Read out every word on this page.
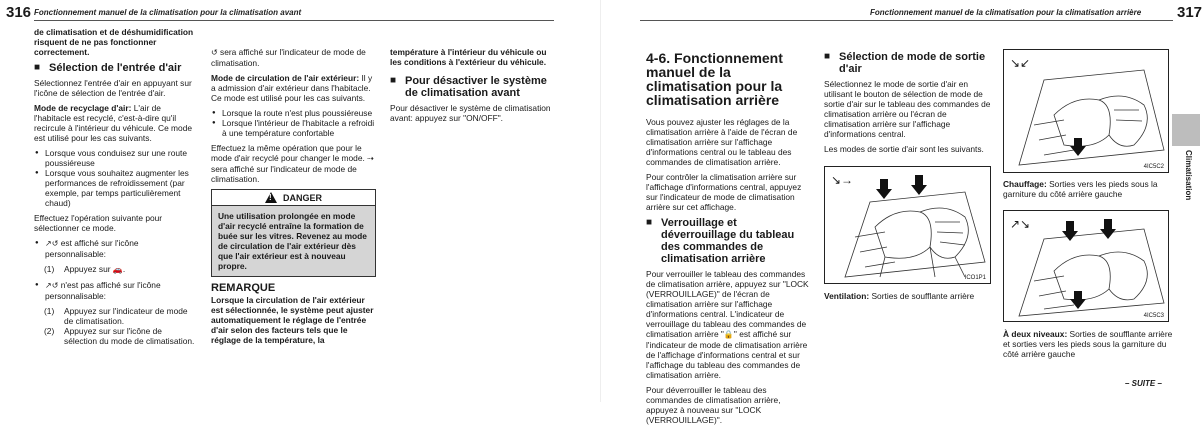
316 Fonctionnement manuel de la climatisation pour la climatisation avant

de climatisation et de déshumidification risquent de ne pas fonctionner correctement.

■ Sélection de l'entrée d'air

Sélectionnez l'entrée d'air en appuyant sur l'icône de sélection de l'entrée d'air.

Mode de recyclage d'air: L'air de l'habitacle est recyclé, c'est-à-dire qu'il recircule à l'intérieur du véhicule. Ce mode est utilisé pour les cas suivants.

● Lorsque vous conduisez sur une route poussiéreuse
● Lorsque vous souhaitez augmenter les performances de refroidissement (par exemple, par temps particulièrement chaud)

Effectuez l'opération suivante pour sélectionner ce mode.

● ↗↺ est affiché sur l'icône personnalisable:
(1) Appuyez sur 🚗.
● ↗↺ n'est pas affiché sur l'icône personnalisable:
(1) Appuyez sur l'indicateur de mode de climatisation.
(2) Appuyez sur sur l'icône de sélection du mode de climatisation.

↺ sera affiché sur l'indicateur de mode de climatisation.

Mode de circulation de l'air extérieur: Il y a admission d'air extérieur dans l'habitacle. Ce mode est utilisé pour les cas suivants.

● Lorsque la route n'est plus poussiéreuse
● Lorsque l'intérieur de l'habitacle a refroidi à une température confortable

Effectuez la même opération que pour le mode d'air recyclé pour changer le mode. ⇢ sera affiché sur l'indicateur de mode de climatisation.

! DANGER
Une utilisation prolongée en mode d'air recyclé entraîne la formation de buée sur les vitres. Revenez au mode de circulation de l'air extérieur dès que l'air extérieur est à nouveau propre.
REMARQUE

Lorsque la circulation de l'air extérieur est sélectionnée, le système peut ajuster automatiquement le réglage de l'entrée d'air selon des facteurs tels que le réglage de la température, la

température à l'intérieur du véhicule ou les conditions à l'extérieur du véhicule.

■ Pour désactiver le système de climatisation avant

Pour désactiver le système de climatisation avant: appuyez sur "ON/OFF".

Fonctionnement manuel de la climatisation pour la climatisation arrière 317
4-6. Fonctionnement manuel de la climatisation pour la climatisation arrière

Vous pouvez ajuster les réglages de la climatisation arrière à l'aide de l'écran de climatisation arrière sur l'affichage d'informations central ou le tableau des commandes de climatisation arrière.

Pour contrôler la climatisation arrière sur l'affichage d'informations central, appuyez sur l'indicateur de mode de climatisation arrière sur cet affichage.

■ Verrouillage et déverrouillage du tableau des commandes de climatisation arrière

Pour verrouiller le tableau des commandes de climatisation arrière, appuyez sur "LOCK (VERROUILLAGE)" de l'écran de climatisation arrière sur l'affichage d'informations central. L'indicateur de verrouillage du tableau des commandes de climatisation arrière "🔒" est affiché sur l'indicateur de mode de climatisation arrière de l'affichage d'informations central et sur l'affichage du tableau des commandes de climatisation arrière.

Pour déverrouiller le tableau des commandes de climatisation arrière, appuyez à nouveau sur "LOCK (VERROUILLAGE)".

■ Sélection de mode de sortie d'air

Sélectionnez le mode de sortie d'air en utilisant le bouton de sélection de mode de sortie d'air sur le tableau des commandes de climatisation arrière ou l'écran de climatisation arrière sur l'affichage d'informations central.

Les modes de sortie d'air sont les suivants.

↘→
ICO1P1
Ventilation: Sorties de soufflante arrière
↘↙
4IC5C2
Chauffage: Sorties vers les pieds sous la garniture du côté arrière gauche
↗↘
4IC5C3
À deux niveaux: Sorties de soufflante arrière et sorties vers les pieds sous la garniture du côté arrière gauche
Climatisation
– SUITE –
